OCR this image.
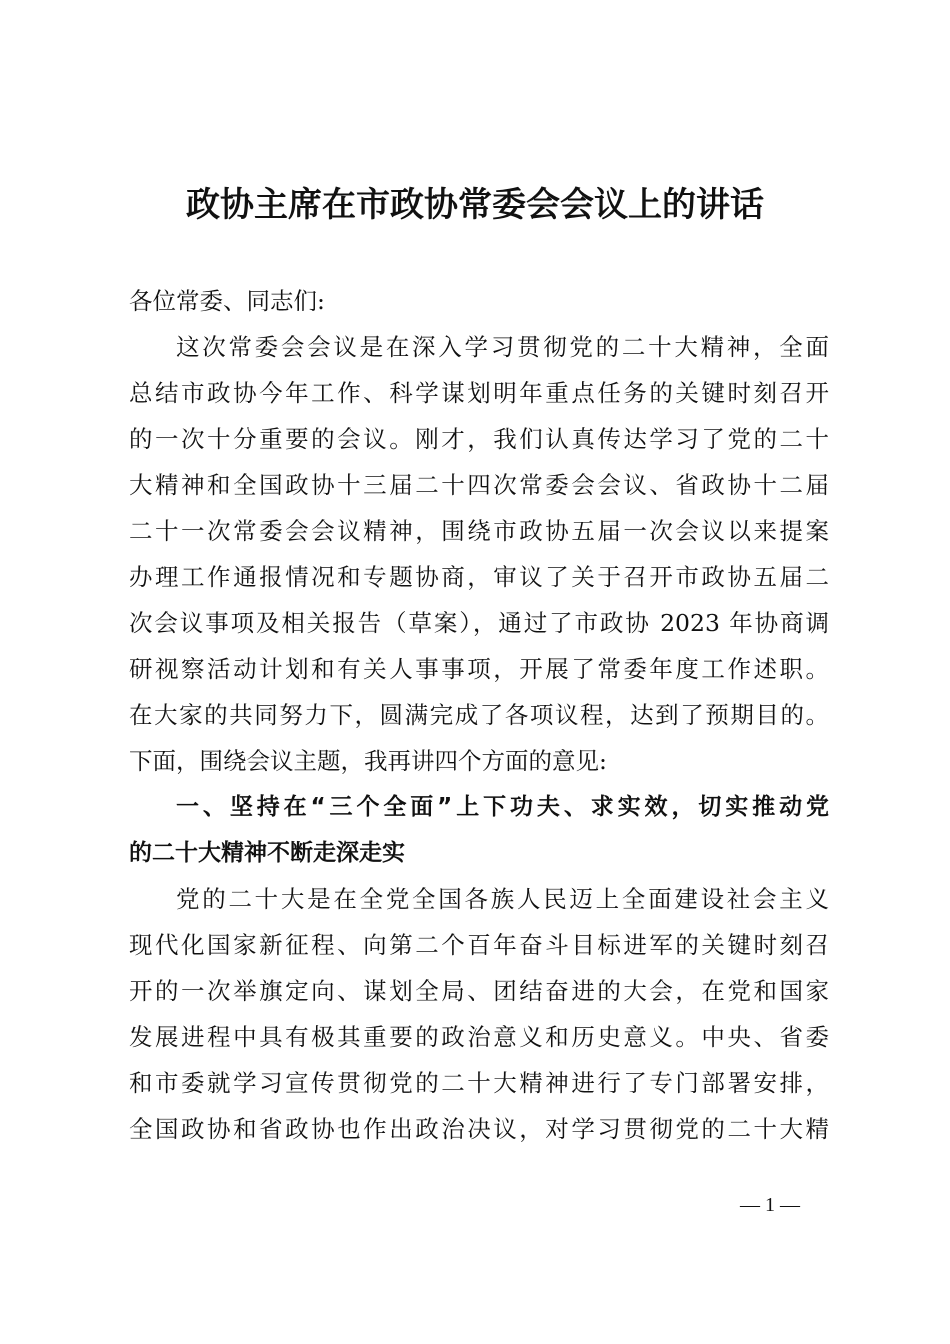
政协主席在市政协常委会会议上的讲话
各位常委、同志们:
这次常委会会议是在深入学习贯彻党的二十大精神，全面
总结市政协今年工作、科学谋划明年重点任务的关键时刻召开
的一次十分重要的会议。刚才，我们认真传达学习了党的二十
大精神和全国政协十三届二十四次常委会会议、省政协十二届
二十一次常委会会议精神，围绕市政协五届一次会议以来提案
办理工作通报情况和专题协商，审议了关于召开市政协五届二
次会议事项及相关报告（草案），通过了市政协 2023 年协商调
研视察活动计划和有关人事事项，开展了常委年度工作述职。
在大家的共同努力下，圆满完成了各项议程，达到了预期目的。
下面，围绕会议主题，我再讲四个方面的意见:
一、坚持在“三个全面”上下功夫、求实效，切实推动党
的二十大精神不断走深走实
党的二十大是在全党全国各族人民迈上全面建设社会主义
现代化国家新征程、向第二个百年奋斗目标进军的关键时刻召
开的一次举旗定向、谋划全局、团结奋进的大会，在党和国家
发展进程中具有极其重要的政治意义和历史意义。中央、省委
和市委就学习宣传贯彻党的二十大精神进行了专门部署安排，
全国政协和省政协也作出政治决议，对学习贯彻党的二十大精
— 1 —
